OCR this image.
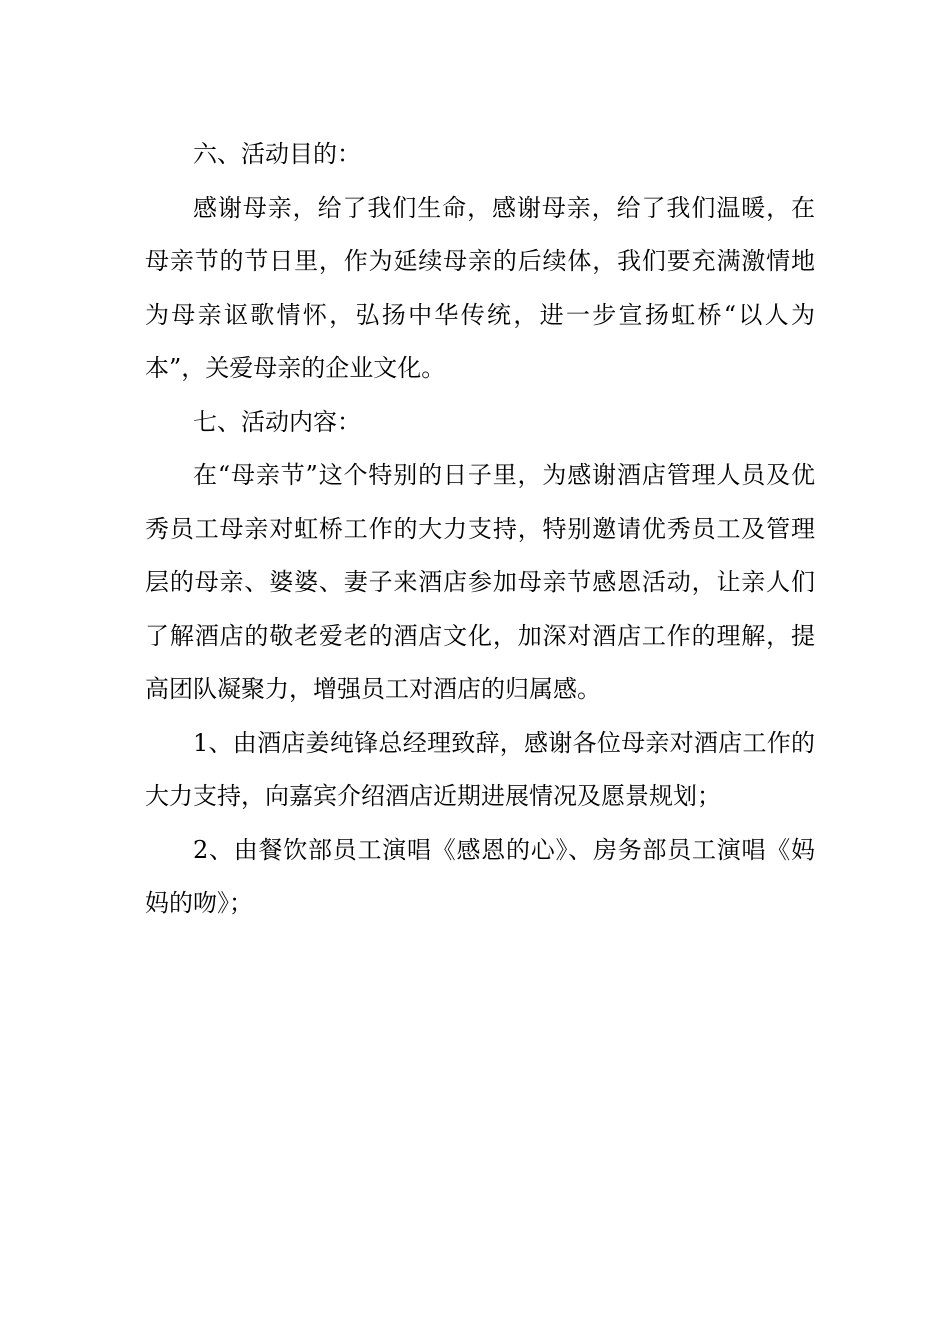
六、活动目的：

感谢母亲，给了我们生命，感谢母亲，给了我们温暖，在母亲节的节日里，作为延续母亲的后续体，我们要充满激情地为母亲讴歌情怀，弘扬中华传统，进一步宣扬虹桥“以人为本”，关爱母亲的企业文化。

七、活动内容：

在“母亲节”这个特别的日子里，为感谢酒店管理人员及优秀员工母亲对虹桥工作的大力支持，特别邀请优秀员工及管理层的母亲、婆婆、妻子来酒店参加母亲节感恩活动，让亲人们了解酒店的敬老爱老的酒店文化，加深对酒店工作的理解，提高团队凝聚力，增强员工对酒店的归属感。

1、由酒店姜纯锋总经理致辞，感谢各位母亲对酒店工作的大力支持，向嘉宾介绍酒店近期进展情况及愿景规划；

2、由餐饮部员工演唱《感恩的心》、房务部员工演唱《妈妈的吻》；
